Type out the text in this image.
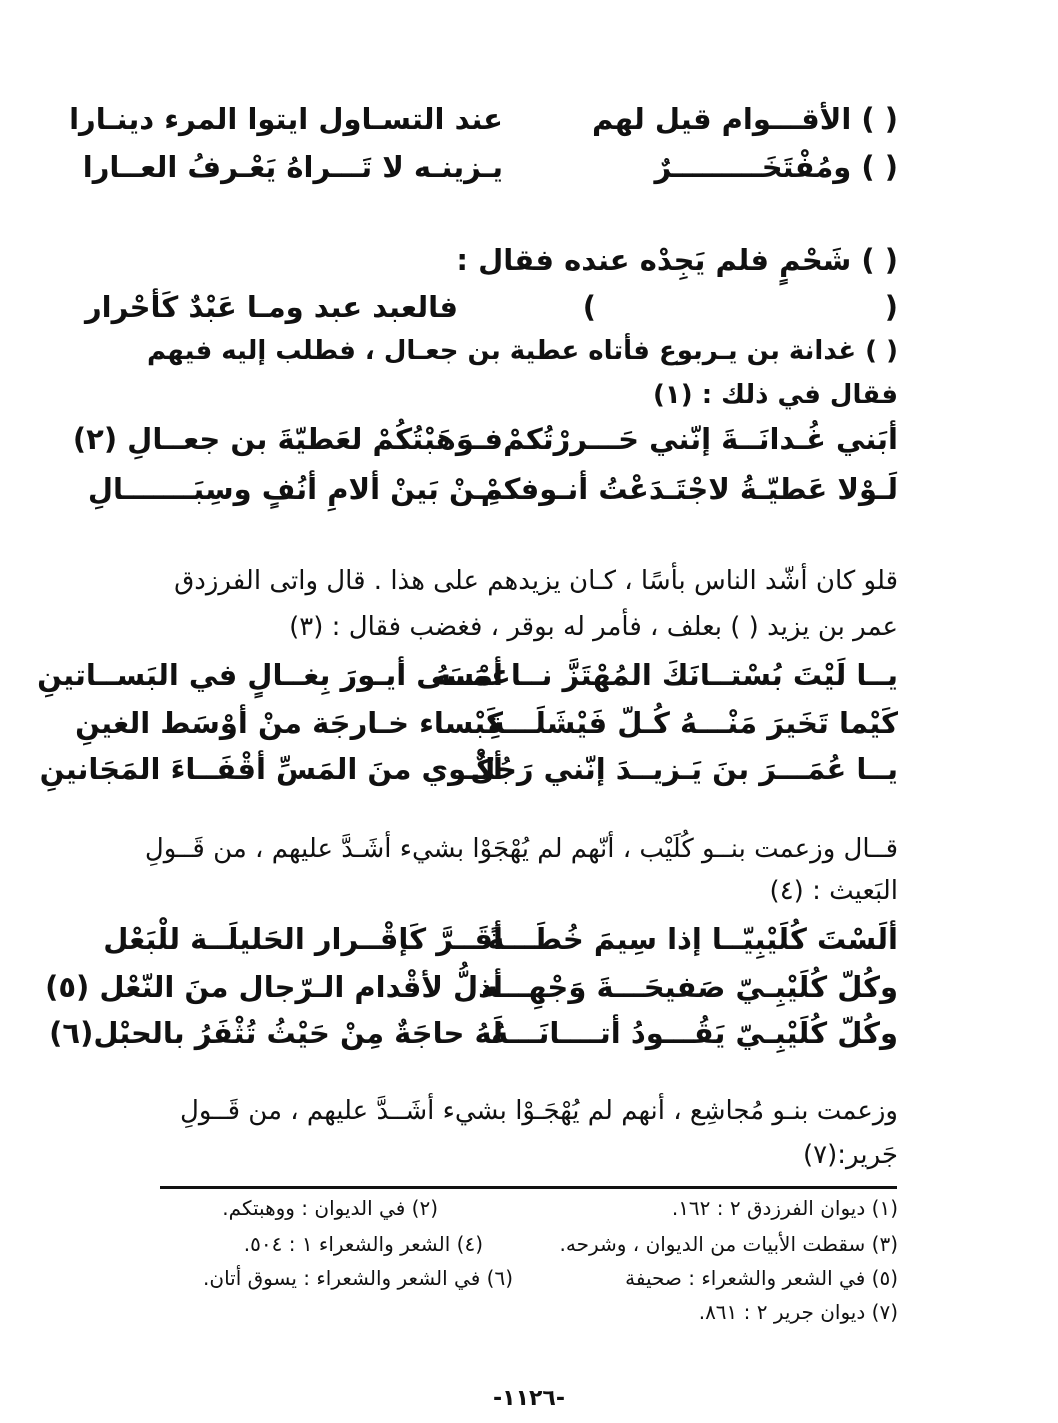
( ) الأقـــوام قيل لهم
عند التسـاول ايتوا المرء دينـارا
( ) ومُفْتَخَـــــــــرٌ
يـزينـه لا تَـــراهُ يَعْـرفُ العــارا
( ) شَحْمٍ فلم يَجِدْه عنده فقال :
(
)
فالعبد عبد ومـا عَبْدٌ كَأحْرار
( ) غدانة بن يـربوع فأتاه عطية بن جعـال ، فطلب إليه فيهم
فقال في ذلك : (١)
أبَني غُـدانَــةَ إنّني حَـــررْتُكمْ
فـوَهَبْتُكُمْ لعَطيّةَ بن جعــالِ (٢)
لَـوْلا عَطيّـةُ لاجْتَـدَعْتُ أنـوفكمْ
مِـنْ بَينْ ألامِ أنُفٍ وسِبَـــــــالِ
قلو كان أشّد الناس بأسًا ، كـان يزيدهم على هذا . قال واتى الفرزدق
عمر بن يزيد ( ) بعلف ، فأمر له بوقر ، فغضب فقال : (٣)
يــا لَيْتَ بُسْتــانَكَ المُهْتَزَّ نــاعمَــهُ
أمْسَى أيـورَ بِغــالٍ في البَســاتينِ
كَيْما تَخَيرَ مَنْـــهُ كُـلّ فَيْشَلَـــةِ
كَبْساء خـارجَة منْ أوْسَط الغينِ
يــا عُمَـــرَ بنَ يَـزيــدَ إنّني رَجُلٌ
أكْـوي منَ المَسِّ أقْفَــاءَ المَجَانينِ
قــال وزعمت بنــو كُلَيْب ، أنّهم لم يُهْجَوْا بشيء أشَـدَّ عليهم ، من قَــولِ
البَعيث : (٤)
ألَسْتَ كُلَيْبِيّــا إذا سِيمَ خُطَـــةً
أقَــرَّ كَإقْــرار الحَليلَــة للْبَعْل
وكُلّ كُلَيْبِـيّ صَفيحَـــةَ وَجْهِـــه
أذلُّ لأقْدام الـرّجال منَ النّعْل (٥)
وكُلّ كُلَيْبِـيّ يَقُـــودُ أتــــانَـــهُ
لَهُ حاجَةٌ مِنْ حَيْثُ تُثْفَرُ بالحبْل(٦)
وزعمت بنـو مُجاشِع ، أنهم لم يُهْجَـوْا بشيء أشَــدَّ عليهم ، من قَــولِ
جَرير:(٧)
(١) ديوان الفرزدق ٢ : ١٦٢.
(٢) في الديوان : ووهبتكم.
(٣) سقطت الأبيات من الديوان ، وشرحه.
(٤) الشعر والشعراء ١ : ٥٠٤.
(٥) في الشعر والشعراء : صحيفة
(٦) في الشعر والشعراء : يسوق أتان.
(٧) ديوان جرير ٢ : ٨٦١.
-١١٢٦-
